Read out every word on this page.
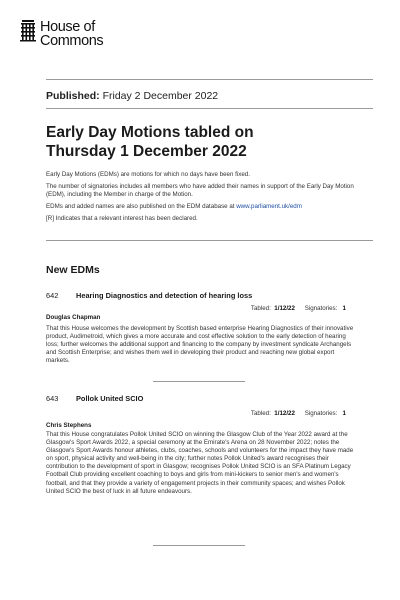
House of
Commons
Published: Friday 2 December 2022
Early Day Motions tabled on
Thursday 1 December 2022

Early Day Motions (EDMs) are motions for which no days have been fixed.

The number of signatories includes all members who have added their names in support of the Early Day Motion (EDM), including the Member in charge of the Motion.

EDMs and added names are also published on the EDM database at www.parliament.uk/edm

[R] Indicates that a relevant interest has been declared.

New EDMs
642 Hearing Diagnostics and detection of hearing loss
Tabled: 1/12/22 Signatories: 1
Douglas Chapman

That this House welcomes the development by Scottish based enterprise Hearing Diagnostics of their innovative product, Audimetroid, which gives a more accurate and cost effective solution to the early detection of hearing loss; further welcomes the additional support and financing to the company by investment syndicate Archangels and Scottish Enterprise; and wishes them well in developing their product and reaching new global export markets.

643 Pollok United SCIO
Tabled: 1/12/22 Signatories: 1
Chris Stephens

That this House congratulates Pollok United SCIO on winning the Glasgow Club of the Year 2022 award at the Glasgow's Sport Awards 2022, a special ceremony at the Emirate's Arena on 28 November 2022; notes the Glasgow's Sport Awards honour athletes, clubs, coaches, schools and volunteers for the impact they have made on sport, physical activity and well-being in the city; further notes Pollok United's award recognises their contribution to the development of sport in Glasgow; recognises Pollok United SCIO is an SFA Platinum Legacy Football Club providing excellent coaching to boys and girls from mini-kickers to senior men's and women's football, and that they provide a variety of engagement projects in their community spaces; and wishes Pollok United SCIO the best of luck in all future endeavours.
